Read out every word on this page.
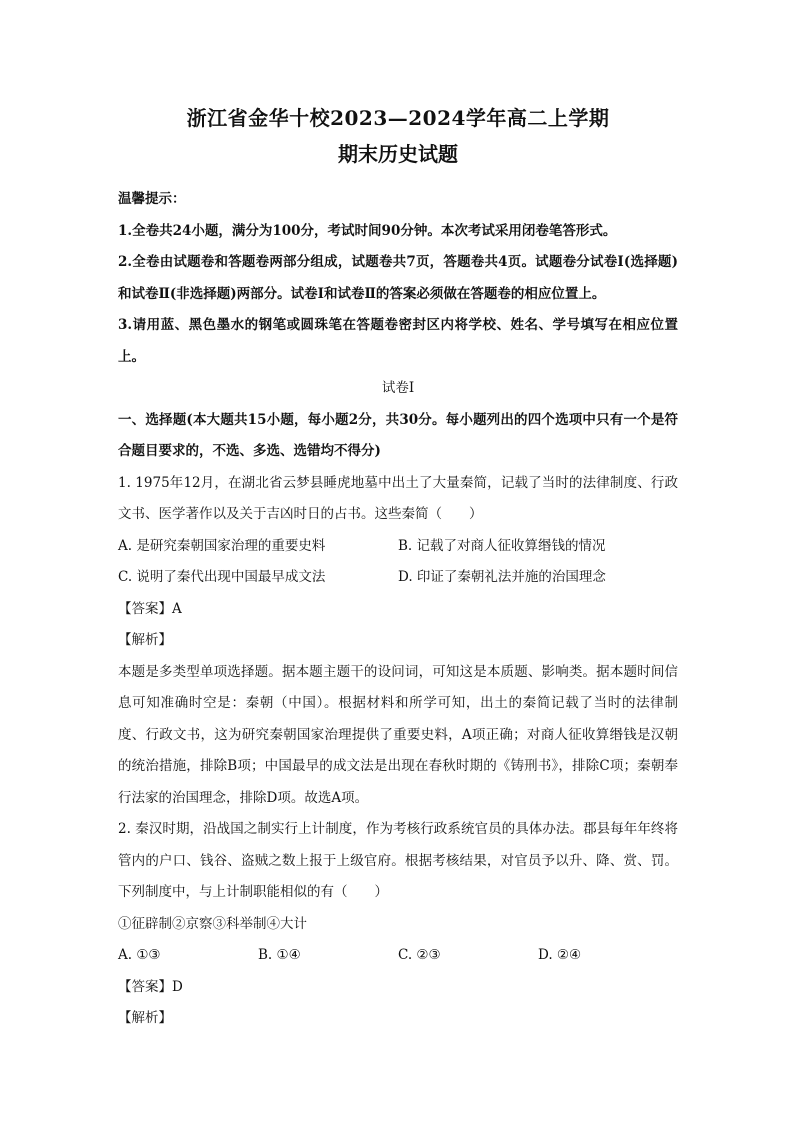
浙江省金华十校2023—2024学年高二上学期
期末历史试题

温馨提示：

1.全卷共24小题，满分为100分，考试时间90分钟。本次考试采用闭卷笔答形式。

2.全卷由试题卷和答题卷两部分组成，试题卷共7页，答题卷共4页。试题卷分试卷Ⅰ(选择题)和试卷Ⅱ(非选择题)两部分。试卷Ⅰ和试卷Ⅱ的答案必须做在答题卷的相应位置上。

3.请用蓝、黑色墨水的钢笔或圆珠笔在答题卷密封区内将学校、姓名、学号填写在相应位置上。

试卷Ⅰ

一、选择题(本大题共15小题，每小题2分，共30分。每小题列出的四个选项中只有一个是符合题目要求的，不选、多选、选错均不得分)

1. 1975年12月，在湖北省云梦县睡虎地墓中出土了大量秦简，记载了当时的法律制度、行政文书、医学著作以及关于吉凶时日的占书。这些秦简（　　）

A. 是研究秦朝国家治理的重要史料	B. 记载了对商人征收算缗钱的情况
C. 说明了秦代出现中国最早成文法	D. 印证了秦朝礼法并施的治国理念

【答案】A

【解析】

本题是多类型单项选择题。据本题主题干的设问词，可知这是本质题、影响类。据本题时间信息可知准确时空是：秦朝（中国）。根据材料和所学可知，出土的秦简记载了当时的法律制度、行政文书，这为研究秦朝国家治理提供了重要史料，A项正确；对商人征收算缗钱是汉朝的统治措施，排除B项；中国最早的成文法是出现在春秋时期的《铸刑书》，排除C项；秦朝奉行法家的治国理念，排除D项。故选A项。

2. 秦汉时期，沿战国之制实行上计制度，作为考核行政系统官员的具体办法。郡县每年年终将管内的户口、钱谷、盗贼之数上报于上级官府。根据考核结果，对官员予以升、降、赏、罚。下列制度中，与上计制职能相似的有（　　）

①征辟制②京察③科举制④大计

A. ①③	B. ①④	C. ②③	D. ②④

【答案】D

【解析】
